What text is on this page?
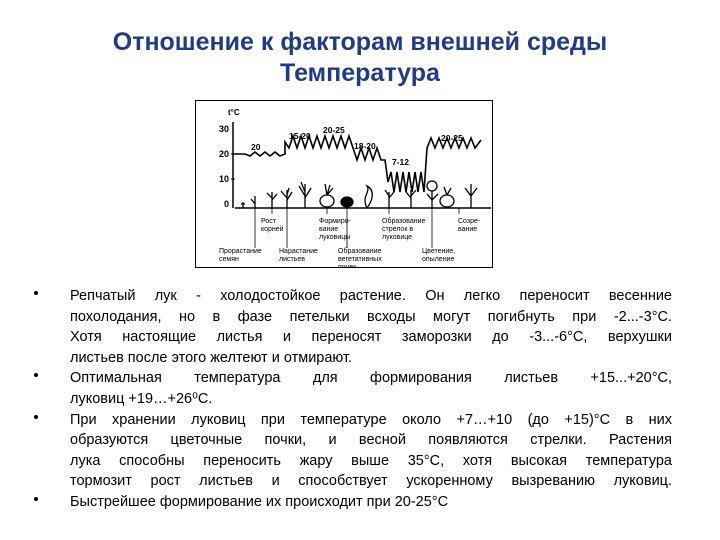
Отношение к факторам внешней среды
Температура
t°C
30
20
10
0
20
15-20
20-25
18-20
7-12
20-25
Рост корней
Формиро- вание луковицы
Образование стрелок в луковице
Созре- вание
Прорастание семян
Нарастание листьев
Образование вегетативных почек
Цветение, опыление
Репчатый лук - холодостойкое растение. Он легко переносит весенние
похолодания, но в фазе петельки всходы могут погибнуть при -2...-3°С.
Хотя настоящие листья и переносят заморозки до -3...-6°С, верхушки
листьев после этого желтеют и отмирают.
Оптимальная температура для формирования листьев +15...+20°С,
луковиц +19…+26⁰С.
При хранении луковиц при температуре около +7…+10 (до +15)°С в них
образуются цветочные почки, и весной появляются стрелки. Растения
лука способны переносить жару выше 35°С, хотя высокая температура
тормозит рост листьев и способствует ускоренному вызреванию луковиц.
Быстрейшее формирование их происходит при 20-25°С
